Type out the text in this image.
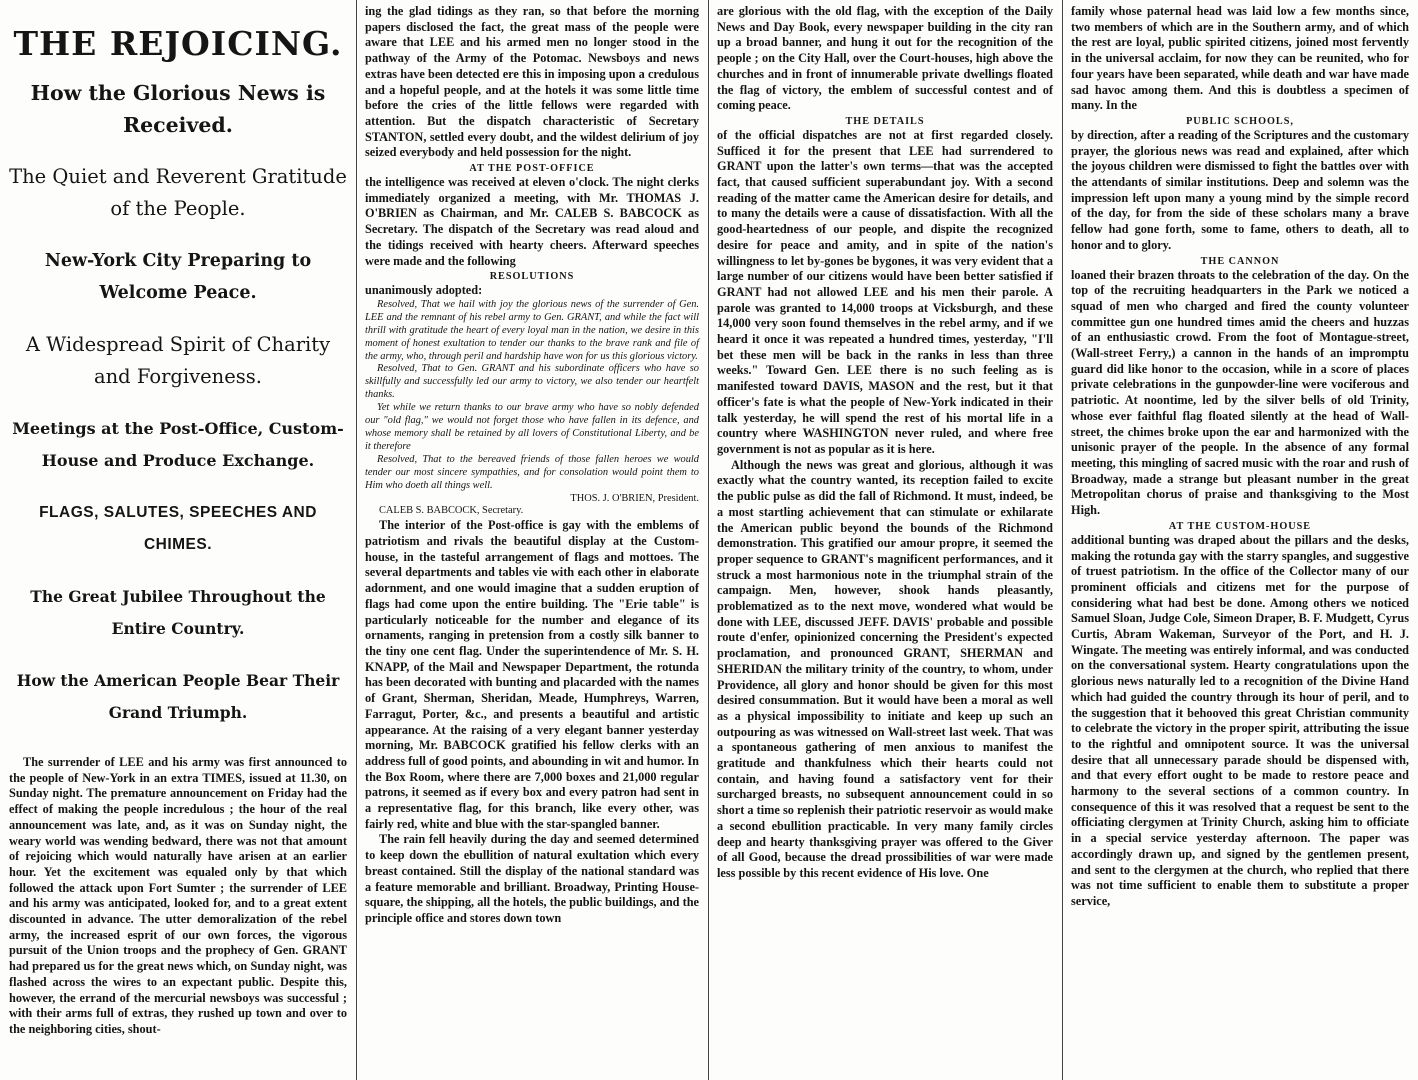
THE REJOICING.
How the Glorious News is Received.
The Quiet and Reverent Gratitude of the People.
New-York City Preparing to Welcome Peace.
A Widespread Spirit of Charity and Forgiveness.
Meetings at the Post-Office, Custom-House and Produce Exchange.
FLAGS, SALUTES, SPEECHES AND CHIMES.
The Great Jubilee Throughout the Entire Country.
How the American People Bear Their Grand Triumph.

The surrender of LEE and his army was first announced to the people of New-York in an extra TIMES, issued at 11.30, on Sunday night. The premature announcement on Friday had the effect of making the people incredulous ; the hour of the real announcement was late, and, as it was on Sunday night, the weary world was wending bedward, there was not that amount of rejoicing which would naturally have arisen at an earlier hour. Yet the excitement was equaled only by that which followed the attack upon Fort Sumter ; the surrender of LEE and his army was anticipated, looked for, and to a great extent discounted in advance. The utter demoralization of the rebel army, the increased esprit of our own forces, the vigorous pursuit of the Union troops and the prophecy of Gen. GRANT had prepared us for the great news which, on Sunday night, was flashed across the wires to an expectant public. Despite this, however, the errand of the mercurial newsboys was successful ; with their arms full of extras, they rushed up town and over to the neighboring cities, shout-

ing the glad tidings as they ran, so that before the morning papers disclosed the fact, the great mass of the people were aware that LEE and his armed men no longer stood in the pathway of the Army of the Potomac. Newsboys and news extras have been detected ere this in imposing upon a credulous and a hopeful people, and at the hotels it was some little time before the cries of the little fellows were regarded with attention. But the dispatch characteristic of Secretary STANTON, settled every doubt, and the wildest delirium of joy seized everybody and held possession for the night.

AT THE POST-OFFICE

the intelligence was received at eleven o'clock. The night clerks immediately organized a meeting, with Mr. THOMAS J. O'BRIEN as Chairman, and Mr. CALEB S. BABCOCK as Secretary. The dispatch of the Secretary was read aloud and the tidings received with hearty cheers. Afterward speeches were made and the following

RESOLUTIONS

unanimously adopted:

Resolved, That we hail with joy the glorious news of the surrender of Gen. LEE and the remnant of his rebel army to Gen. GRANT, and while the fact will thrill with gratitude the heart of every loyal man in the nation, we desire in this moment of honest exultation to tender our thanks to the brave rank and file of the army, who, through peril and hardship have won for us this glorious victory.

Resolved, That to Gen. GRANT and his subordinate officers who have so skillfully and successfully led our army to victory, we also tender our heartfelt thanks.

Yet while we return thanks to our brave army who have so nobly defended our "old flag," we would not forget those who have fallen in its defence, and whose memory shall be retained by all lovers of Constitutional Liberty, and be it therefore

Resolved, That to the bereaved friends of those fallen heroes we would tender our most sincere sympathies, and for consolation would point them to Him who doeth all things well.

THOS. J. O'BRIEN, President.

CALEB S. BABCOCK, Secretary.

The interior of the Post-office is gay with the emblems of patriotism and rivals the beautiful display at the Custom-house, in the tasteful arrangement of flags and mottoes. The several departments and tables vie with each other in elaborate adornment, and one would imagine that a sudden eruption of flags had come upon the entire building. The "Erie table" is particularly noticeable for the number and elegance of its ornaments, ranging in pretension from a costly silk banner to the tiny one cent flag. Under the superintendence of Mr. S. H. KNAPP, of the Mail and Newspaper Department, the rotunda has been decorated with bunting and placarded with the names of Grant, Sherman, Sheridan, Meade, Humphreys, Warren, Farragut, Porter, &c., and presents a beautiful and artistic appearance. At the raising of a very elegant banner yesterday morning, Mr. BABCOCK gratified his fellow clerks with an address full of good points, and abounding in wit and humor. In the Box Room, where there are 7,000 boxes and 21,000 regular patrons, it seemed as if every box and every patron had sent in a representative flag, for this branch, like every other, was fairly red, white and blue with the star-spangled banner.

The rain fell heavily during the day and seemed determined to keep down the ebullition of natural exultation which every breast contained. Still the display of the national standard was a feature memorable and brilliant. Broadway, Printing House-square, the shipping, all the hotels, the public buildings, and the principle office and stores down town

are glorious with the old flag, with the exception of the Daily News and Day Book, every newspaper building in the city ran up a broad banner, and hung it out for the recognition of the people ; on the City Hall, over the Court-houses, high above the churches and in front of innumerable private dwellings floated the flag of victory, the emblem of successful contest and of coming peace.

THE DETAILS

of the official dispatches are not at first regarded closely. Sufficed it for the present that LEE had surrendered to GRANT upon the latter's own terms—that was the accepted fact, that caused sufficient superabundant joy. With a second reading of the matter came the American desire for details, and to many the details were a cause of dissatisfaction. With all the good-heartedness of our people, and dispite the recognized desire for peace and amity, and in spite of the nation's willingness to let by-gones be bygones, it was very evident that a large number of our citizens would have been better satisfied if GRANT had not allowed LEE and his men their parole. A parole was granted to 14,000 troops at Vicksburgh, and these 14,000 very soon found themselves in the rebel army, and if we heard it once it was repeated a hundred times, yesterday, "I'll bet these men will be back in the ranks in less than three weeks." Toward Gen. LEE there is no such feeling as is manifested toward DAVIS, MASON and the rest, but it that officer's fate is what the people of New-York indicated in their talk yesterday, he will spend the rest of his mortal life in a country where WASHINGTON never ruled, and where free government is not as popular as it is here.

Although the news was great and glorious, although it was exactly what the country wanted, its reception failed to excite the public pulse as did the fall of Richmond. It must, indeed, be a most startling achievement that can stimulate or exhilarate the American public beyond the bounds of the Richmond demonstration. This gratified our amour propre, it seemed the proper sequence to GRANT's magnificent performances, and it struck a most harmonious note in the triumphal strain of the campaign. Men, however, shook hands pleasantly, problematized as to the next move, wondered what would be done with LEE, discussed JEFF. DAVIS' probable and possible route d'enfer, opinionized concerning the President's expected proclamation, and pronounced GRANT, SHERMAN and SHERIDAN the military trinity of the country, to whom, under Providence, all glory and honor should be given for this most desired consummation. But it would have been a moral as well as a physical impossibility to initiate and keep up such an outpouring as was witnessed on Wall-street last week. That was a spontaneous gathering of men anxious to manifest the gratitude and thankfulness which their hearts could not contain, and having found a satisfactory vent for their surcharged breasts, no subsequent announcement could in so short a time so replenish their patriotic reservoir as would make a second ebullition practicable. In very many family circles deep and hearty thanksgiving prayer was offered to the Giver of all Good, because the dread prossibilities of war were made less possible by this recent evidence of His love. One

family whose paternal head was laid low a few months since, two members of which are in the Southern army, and of which the rest are loyal, public spirited citizens, joined most fervently in the universal acclaim, for now they can be reunited, who for four years have been separated, while death and war have made sad havoc among them. And this is doubtless a specimen of many. In the

PUBLIC SCHOOLS,

by direction, after a reading of the Scriptures and the customary prayer, the glorious news was read and explained, after which the joyous children were dismissed to fight the battles over with the attendants of similar institutions. Deep and solemn was the impression left upon many a young mind by the simple record of the day, for from the side of these scholars many a brave fellow had gone forth, some to fame, others to death, all to honor and to glory.

THE CANNON

loaned their brazen throats to the celebration of the day. On the top of the recruiting headquarters in the Park we noticed a squad of men who charged and fired the county volunteer committee gun one hundred times amid the cheers and huzzas of an enthusiastic crowd. From the foot of Montague-street, (Wall-street Ferry,) a cannon in the hands of an impromptu guard did like honor to the occasion, while in a score of places private celebrations in the gunpowder-line were vociferous and patriotic. At noontime, led by the silver bells of old Trinity, whose ever faithful flag floated silently at the head of Wall-street, the chimes broke upon the ear and harmonized with the unisonic prayer of the people. In the absence of any formal meeting, this mingling of sacred music with the roar and rush of Broadway, made a strange but pleasant number in the great Metropolitan chorus of praise and thanksgiving to the Most High.

AT THE CUSTOM-HOUSE

additional bunting was draped about the pillars and the desks, making the rotunda gay with the starry spangles, and suggestive of truest patriotism. In the office of the Collector many of our prominent officials and citizens met for the purpose of considering what had best be done. Among others we noticed Samuel Sloan, Judge Cole, Simeon Draper, B. F. Mudgett, Cyrus Curtis, Abram Wakeman, Surveyor of the Port, and H. J. Wingate. The meeting was entirely informal, and was conducted on the conversational system. Hearty congratulations upon the glorious news naturally led to a recognition of the Divine Hand which had guided the country through its hour of peril, and to the suggestion that it behooved this great Christian community to celebrate the victory in the proper spirit, attributing the issue to the rightful and omnipotent source. It was the universal desire that all unnecessary parade should be dispensed with, and that every effort ought to be made to restore peace and harmony to the several sections of a common country. In consequence of this it was resolved that a request be sent to the officiating clergymen at Trinity Church, asking him to officiate in a special service yesterday afternoon. The paper was accordingly drawn up, and signed by the gentlemen present, and sent to the clergymen at the church, who replied that there was not time sufficient to enable them to substitute a proper service,
